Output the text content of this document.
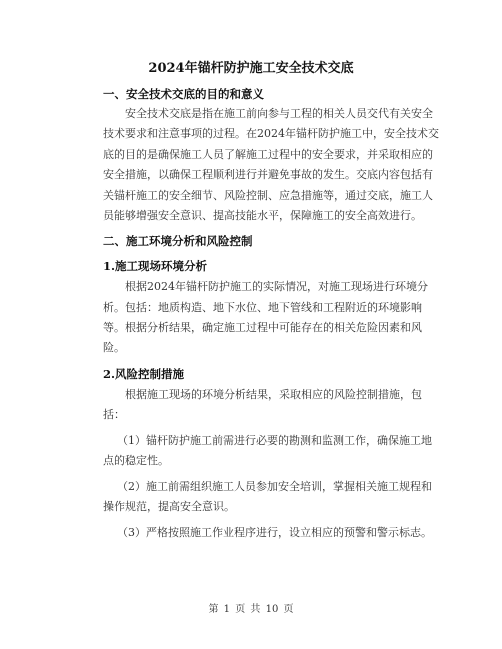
2024年锚杆防护施工安全技术交底
一、安全技术交底的目的和意义
安全技术交底是指在施工前向参与工程的相关人员交代有关安全
技术要求和注意事项的过程。在2024年锚杆防护施工中，安全技术交
底的目的是确保施工人员了解施工过程中的安全要求，并采取相应的
安全措施，以确保工程顺利进行并避免事故的发生。交底内容包括有
关锚杆施工的安全细节、风险控制、应急措施等，通过交底，施工人
员能够增强安全意识、提高技能水平，保障施工的安全高效进行。
二、施工环境分析和风险控制
1.施工现场环境分析
根据2024年锚杆防护施工的实际情况，对施工现场进行环境分
析。包括：地质构造、地下水位、地下管线和工程附近的环境影响
等。根据分析结果，确定施工过程中可能存在的相关危险因素和风
险。
2.风险控制措施
根据施工现场的环境分析结果，采取相应的风险控制措施，包
括：
（1）锚杆防护施工前需进行必要的勘测和监测工作，确保施工地
点的稳定性。
（2）施工前需组织施工人员参加安全培训，掌握相关施工规程和
操作规范，提高安全意识。
（3）严格按照施工作业程序进行，设立相应的预警和警示标志。
第 1 页 共 10 页
